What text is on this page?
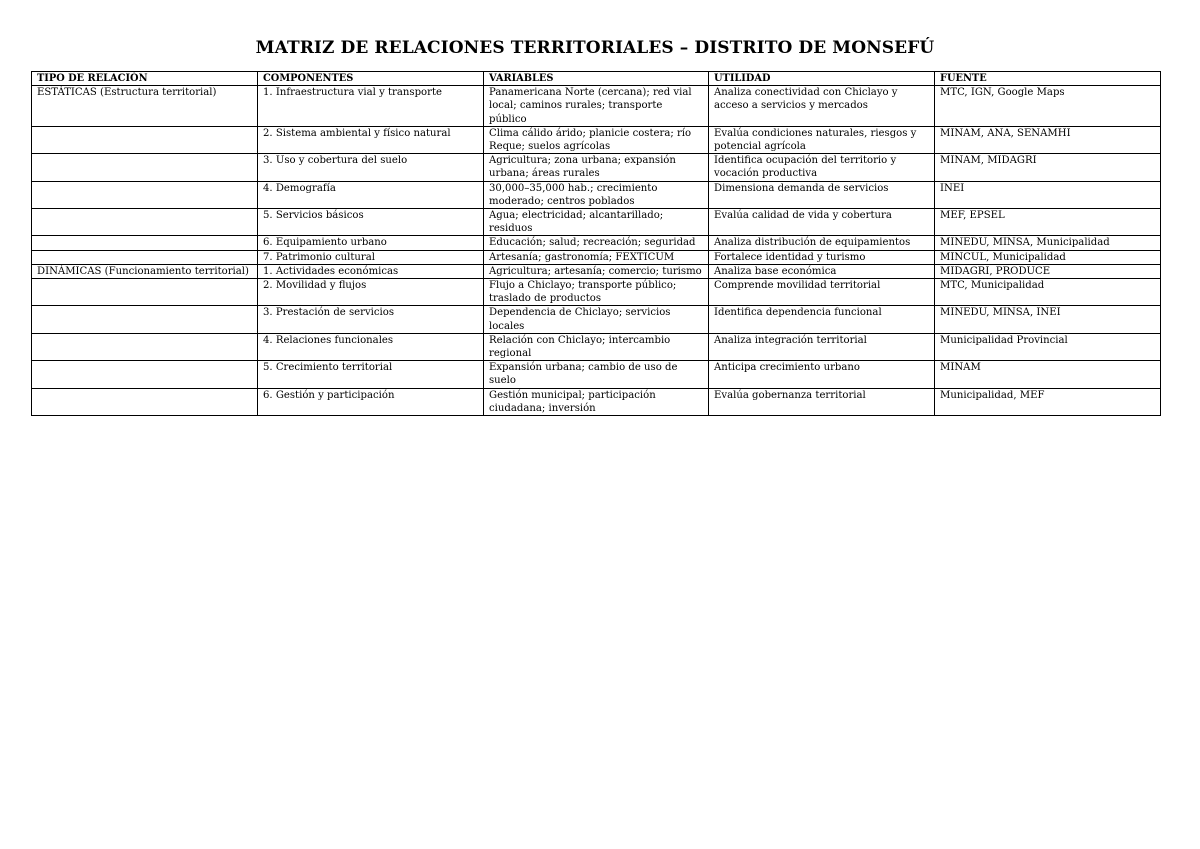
MATRIZ DE RELACIONES TERRITORIALES – DISTRITO DE MONSEFÚ
TIPO DE RELACIÓN	COMPONENTES	VARIABLES	UTILIDAD	FUENTE
ESTÁTICAS (Estructura territorial)	1. Infraestructura vial y transporte	Panamericana Norte (cercana); red vial local; caminos rurales; transporte público	Analiza conectividad con Chiclayo y acceso a servicios y mercados	MTC, IGN, Google Maps
	2. Sistema ambiental y físico natural	Clima cálido árido; planicie costera; río Reque; suelos agrícolas	Evalúa condiciones naturales, riesgos y potencial agrícola	MINAM, ANA, SENAMHI
	3. Uso y cobertura del suelo	Agricultura; zona urbana; expansión urbana; áreas rurales	Identifica ocupación del territorio y vocación productiva	MINAM, MIDAGRI
	4. Demografía	30,000–35,000 hab.; crecimiento moderado; centros poblados	Dimensiona demanda de servicios	INEI
	5. Servicios básicos	Agua; electricidad; alcantarillado; residuos	Evalúa calidad de vida y cobertura	MEF, EPSEL
	6. Equipamiento urbano	Educación; salud; recreación; seguridad	Analiza distribución de equipamientos	MINEDU, MINSA, Municipalidad
	7. Patrimonio cultural	Artesanía; gastronomía; FEXTICUM	Fortalece identidad y turismo	MINCUL, Municipalidad
DINÁMICAS (Funcionamiento territorial)	1. Actividades económicas	Agricultura; artesanía; comercio; turismo	Analiza base económica	MIDAGRI, PRODUCE
	2. Movilidad y flujos	Flujo a Chiclayo; transporte público; traslado de productos	Comprende movilidad territorial	MTC, Municipalidad
	3. Prestación de servicios	Dependencia de Chiclayo; servicios locales	Identifica dependencia funcional	MINEDU, MINSA, INEI
	4. Relaciones funcionales	Relación con Chiclayo; intercambio regional	Analiza integración territorial	Municipalidad Provincial
	5. Crecimiento territorial	Expansión urbana; cambio de uso de suelo	Anticipa crecimiento urbano	MINAM
	6. Gestión y participación	Gestión municipal; participación ciudadana; inversión	Evalúa gobernanza territorial	Municipalidad, MEF
